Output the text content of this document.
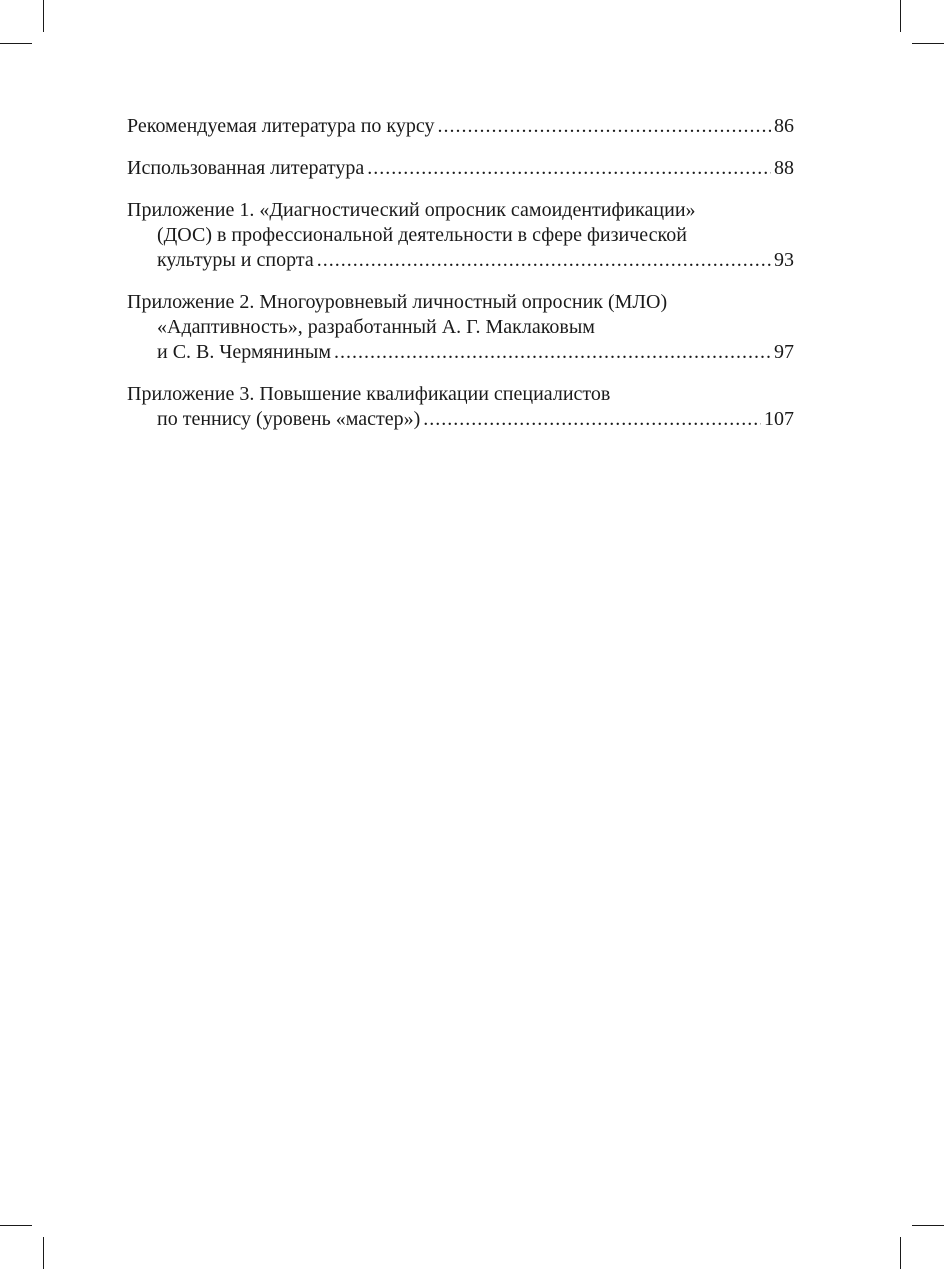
Рекомендуемая литература по курсу .....	86
Использованная литература .....	88
Приложение 1. «Диагностический опросник самоидентификации»
(ДОС) в профессиональной деятельности в сфере физической
культуры и спорта .....	93
Приложение 2. Многоуровневый личностный опросник (МЛО)
«Адаптивность», разработанный А. Г. Маклаковым
и С. В. Чермяниным .....	97
Приложение 3. Повышение квалификации специалистов
по теннису (уровень «мастер») .....	107
